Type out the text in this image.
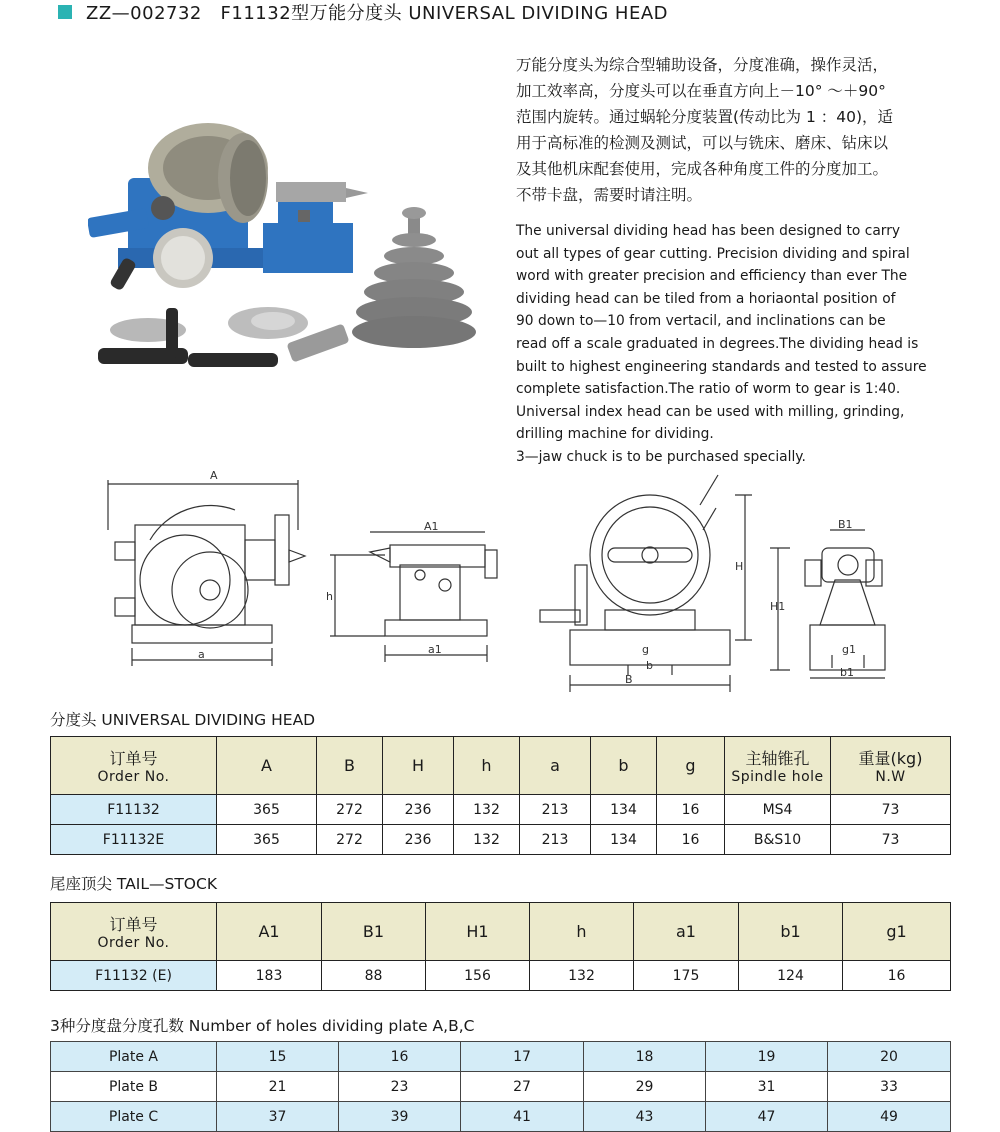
ZZ—002732   F11132型万能分度头 UNIVERSAL DIVIDING HEAD

万能分度头为综合型辅助设备，分度准确，操作灵活，

加工效率高，分度头可以在垂直方向上－10° ～＋90°

范围内旋转。通过蜗轮分度装置(传动比为 1 ：40)，适

用于高标准的检测及测试，可以与铣床、磨床、钻床以

及其他机床配套使用，完成各种角度工件的分度加工。

不带卡盘，需要时请注明。

The universal dividing head has been designed to carry

out all types of gear cutting. Precision dividing and spiral

word with greater precision and efficiency than ever The

dividing head can be tiled from a horiaontal position of

90 down to—10 from vertacil, and inclinations can be

read off a scale graduated in degrees.The dividing head is

built to highest engineering standards and tested to assure

complete satisfaction.The ratio of worm to gear is 1:40.

Universal index head can be used with milling, grinding,

drilling machine for dividing.

3—jaw chuck is to be purchased specially.

A
a
h
A1
a1
H
g
b
B
B1
H1
b1
g1
分度头 UNIVERSAL DIVIDING HEAD
订单号
Order No.	A	B	H	h	a	b	g	主轴锥孔
Spindle hole	重量(kg)
N.W

F11132	365	272	236	132	213	134	16	MS4	73
F11132E	365	272	236	132	213	134	16	B&S10	73
尾座顶尖 TAIL—STOCK
订单号
Order No.	A1	B1	H1	h	a1	b1	g1
F11132 (E)	183	88	156	132	175	124	16
3种分度盘分度孔数 Number of holes dividing plate A,B,C
Plate A	15	16	17	18	19	20
Plate B	21	23	27	29	31	33
Plate C	37	39	41	43	47	49
